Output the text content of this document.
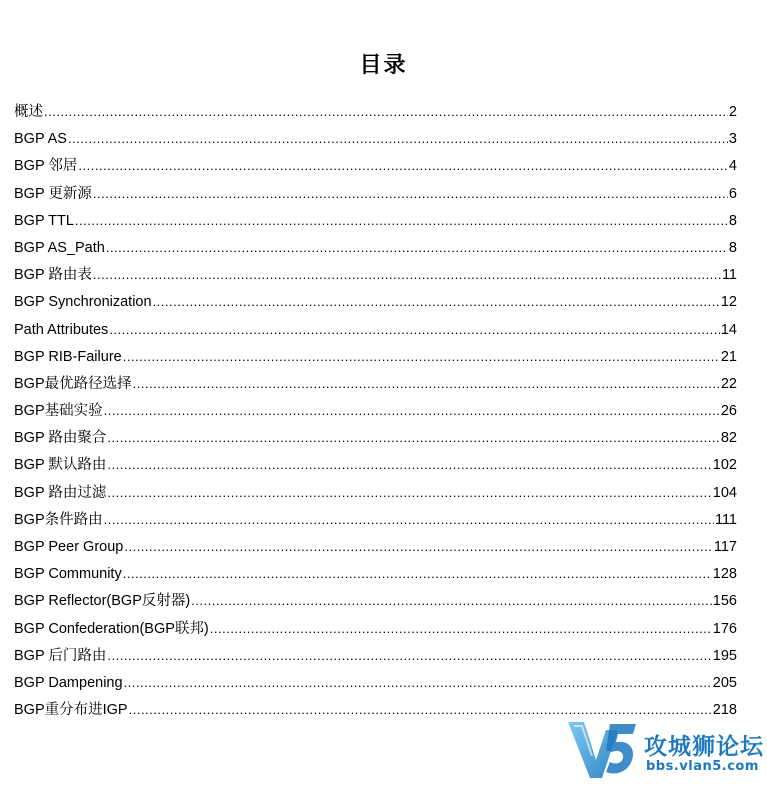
目录
概述 .....	2
BGP AS .....	3
BGP 邻居 .....	4
BGP 更新源 .....	6
BGP TTL .....	8
BGP AS_Path .....	8
BGP 路由表 .....	11
BGP Synchronization .....	12
Path Attributes .....	14
BGP RIB-Failure .....	21
BGP最优路径选择 .....	22
BGP基础实验 .....	26
BGP 路由聚合 .....	82
BGP 默认路由 .....	102
BGP 路由过滤 .....	104
BGP条件路由 .....	111
BGP Peer Group .....	117
BGP Community .....	128
BGP Reflector(BGP反射器) .....	156
BGP Confederation(BGP联邦) .....	176
BGP 后门路由 .....	195
BGP Dampening .....	205
BGP重分布进IGP .....	218
攻城狮论坛
bbs.vlan5.com
